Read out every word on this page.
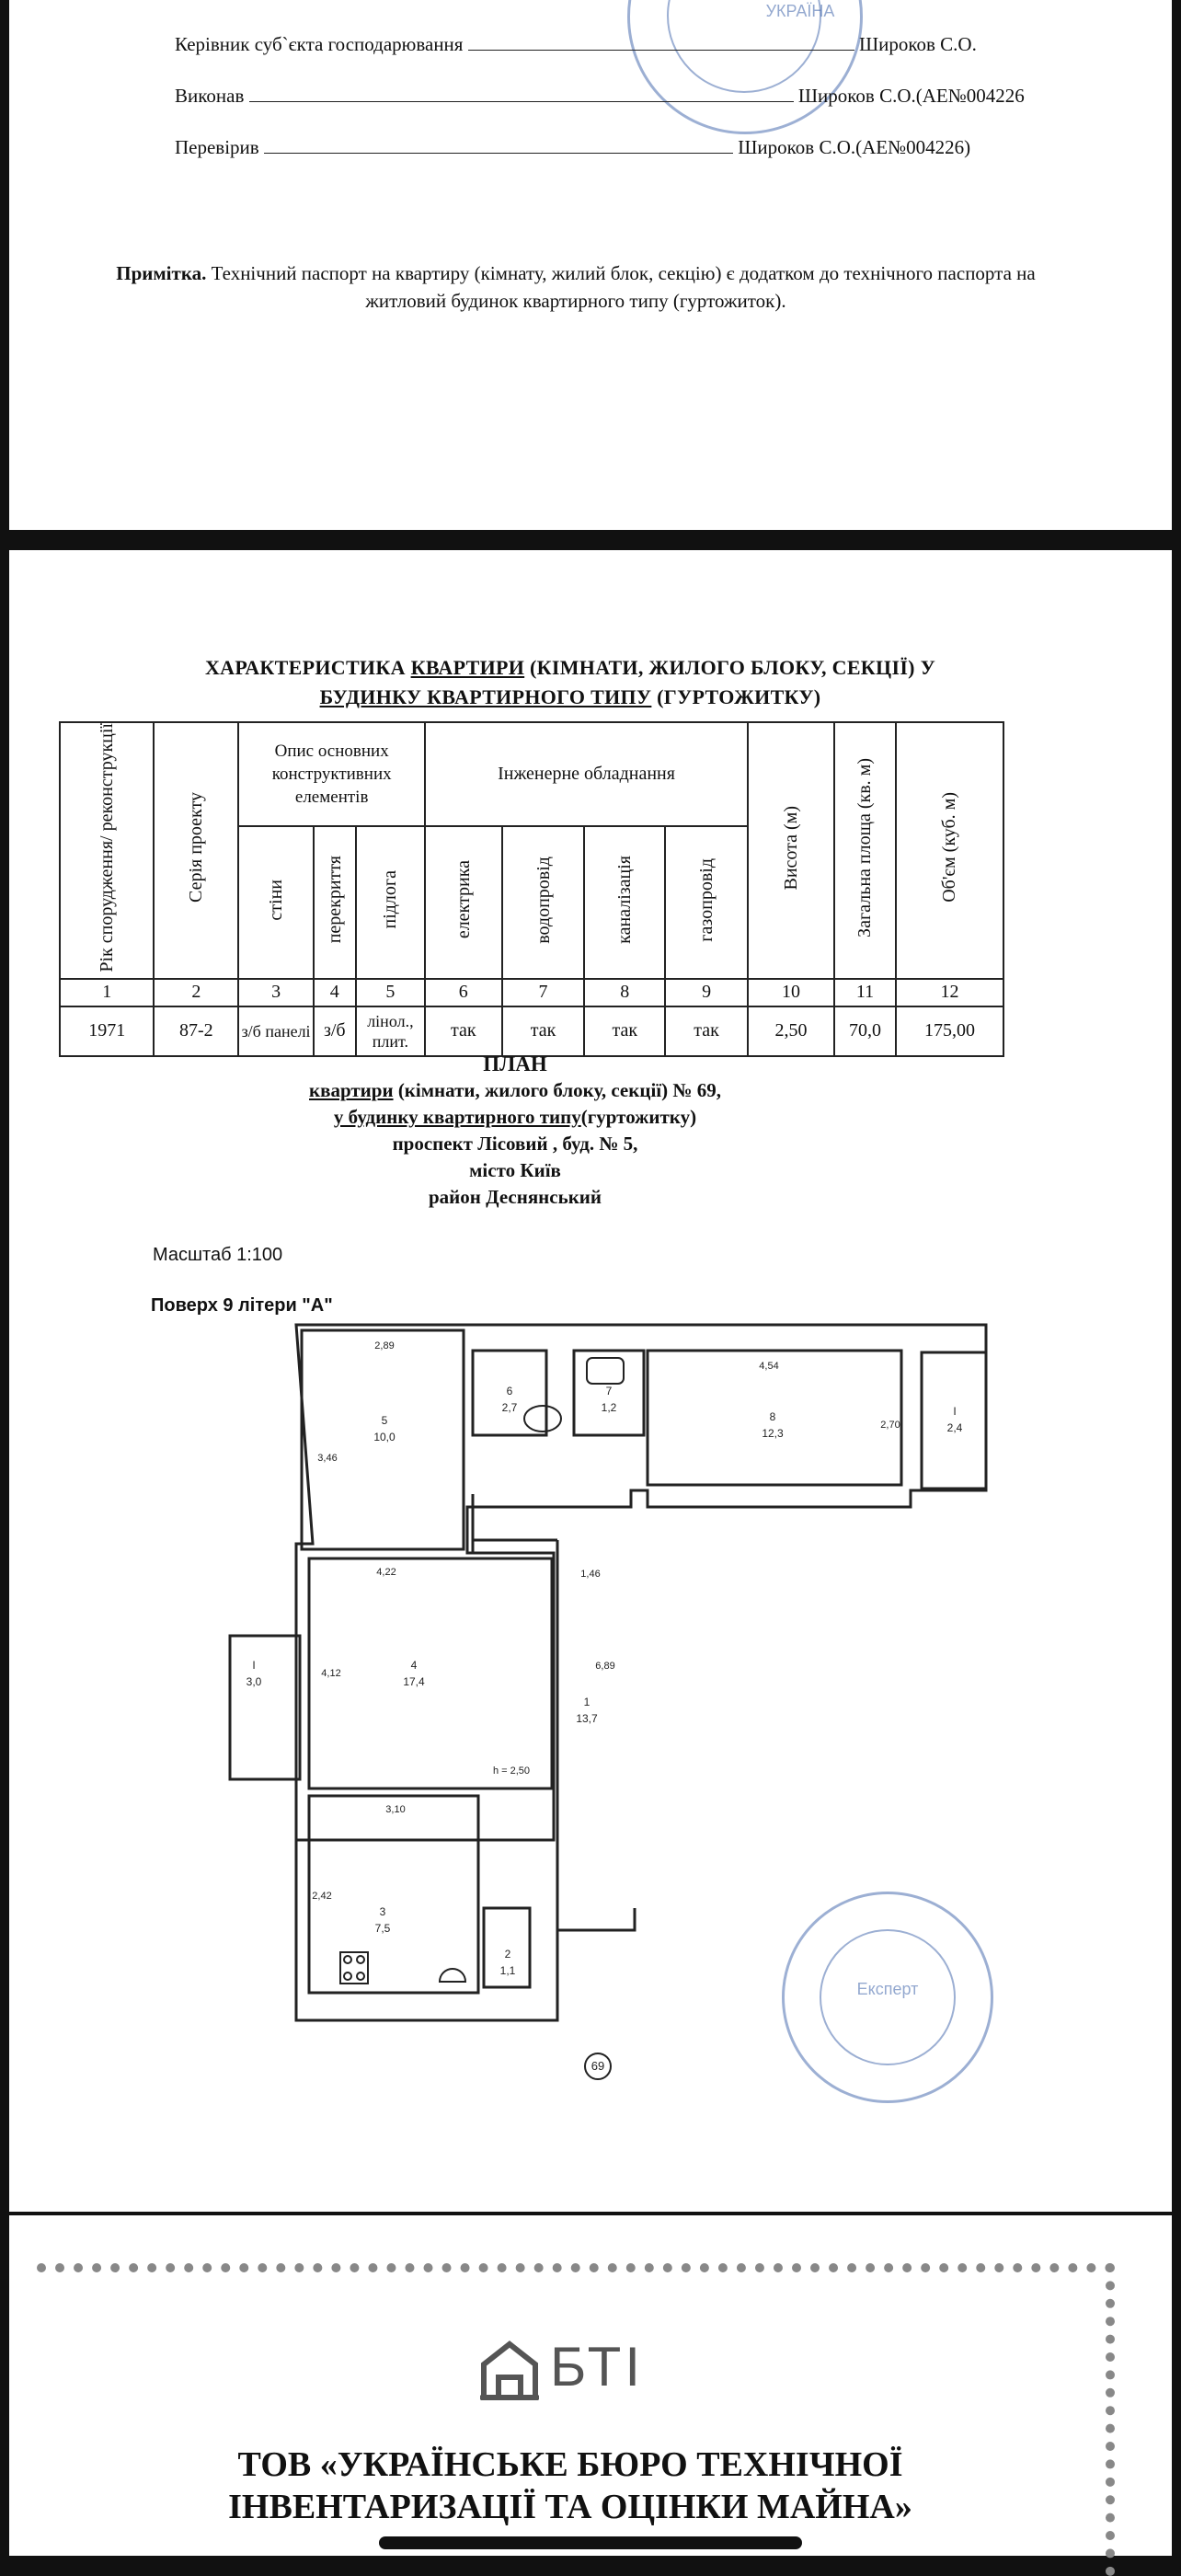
УКРАЇНА
Керівник суб`єкта господарювання	Широков С.О.
Виконав	Широков С.О.(АЕ№004226
Перевірив	Широков С.О.(АЕ№004226)
Примітка. Технічний паспорт на квартиру (кімнату, жилий блок, секцію) є додатком до технічного паспорта на житловий будинок квартирного типу (гуртожиток).
ХАРАКТЕРИСТИКА КВАРТИРИ (КІМНАТИ, ЖИЛОГО БЛОКУ, СЕКЦІЇ) У
БУДИНКУ КВАРТИРНОГО ТИПУ (ГУРТОЖИТКУ)
Рік спорудження/ реконструкції	Серія проекту	Опис основних конструктивних елементів			Інженерне обладнання				Висота (м)	Загальна площа (кв. м)	Об'єм (куб. м)
		стіни	перекриття	підлога	електрика	водопровід	каналізація	газопровід			
1	2	3	4	5	6	7	8	9	10	11	12
1971	87-2	з/б панелі	з/б	лінол., плит.	так	так	так	так	2,50	70,0	175,00
ПЛАН
квартири (кімнати, жилого блоку, секції) № 69,
у будинку квартирного типу(гуртожитку)
проспект Лісовий , буд. № 5,
місто Київ
район Деснянський
Масштаб 1:100
Поверх 9 літери "А"
3
7,5
2
1,1
69
5
10,0
6
2,7
7
1,2
8
12,3
I
2,4
4
17,4
1
13,7
I
3,0
2,89
4,54
3,46
2,70
4,22	1,46
4,12
6,89
h = 2,50
3,10
2,42
Експерт
БТІ
ТОВ «УКРАЇНСЬКЕ БЮРО ТЕХНІЧНОЇ
ІНВЕНТАРИЗАЦІЇ ТА ОЦІНКИ МАЙНА»
